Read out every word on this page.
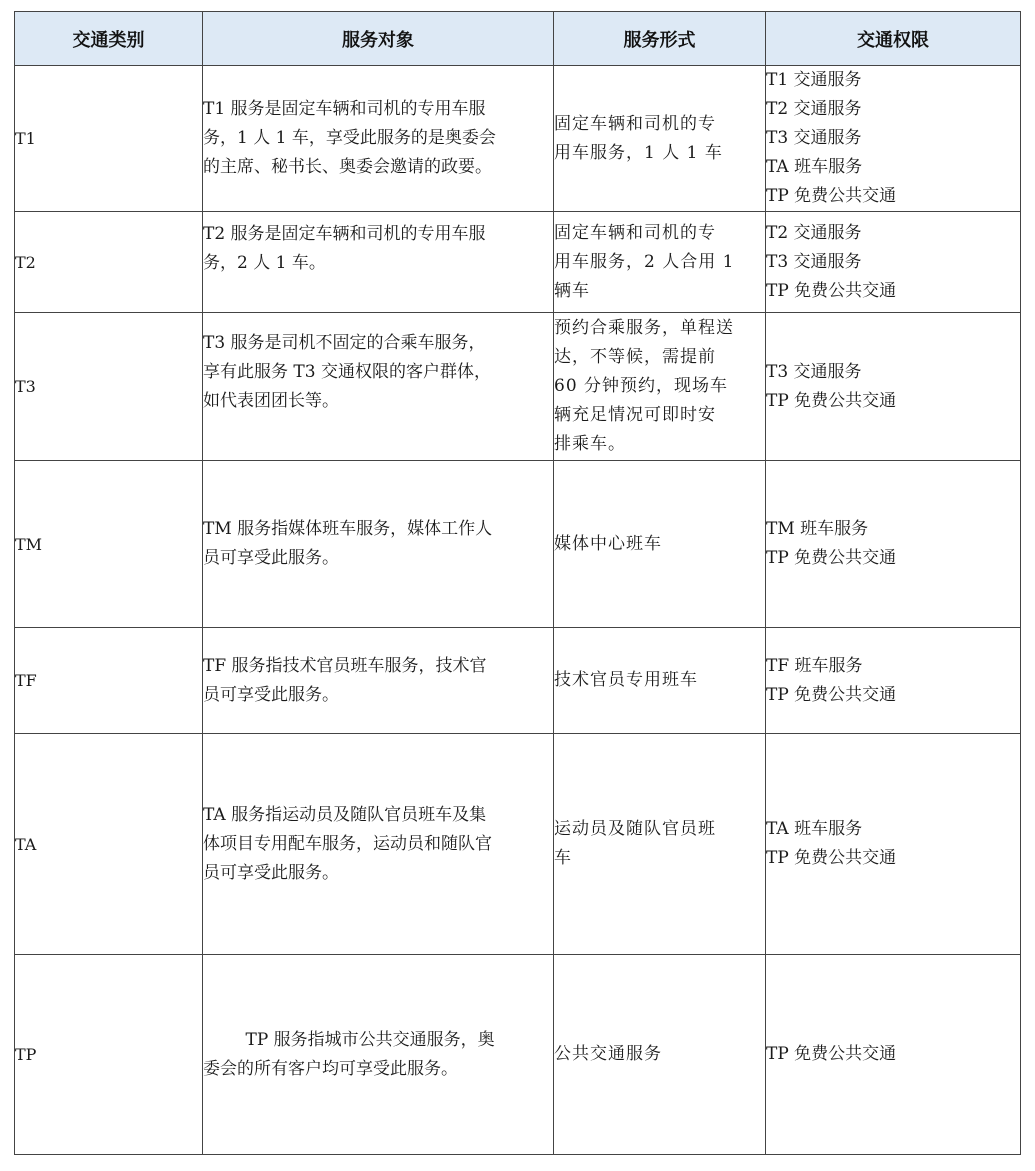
交通类别	服务对象	服务形式	交通权限
T1	T1 服务是固定车辆和司机的专用车服
务，1 人 1 车，享受此服务的是奥委会
的主席、秘书长、奥委会邀请的政要。	固定车辆和司机的专
用车服务，1 人 1 车	T1 交通服务
T2 交通服务
T3 交通服务
TA 班车服务
TP 免费公共交通

T2	T2 服务是固定车辆和司机的专用车服
务，2 人 1 车。	固定车辆和司机的专
用车服务，2 人合用 1
辆车	T2 交通服务
T3 交通服务
TP 免费公共交通

T3	T3 服务是司机不固定的合乘车服务，
享有此服务 T3 交通权限的客户群体，
如代表团团长等。	预约合乘服务，单程送
达，不等候，需提前
60 分钟预约，现场车
辆充足情况可即时安
排乘车。	T3 交通服务
TP 免费公共交通

TM	TM 服务指媒体班车服务，媒体工作人
员可享受此服务。	媒体中心班车	TM 班车服务
TP 免费公共交通

TF	TF 服务指技术官员班车服务，技术官
员可享受此服务。	技术官员专用班车	TF 班车服务
TP 免费公共交通

TA	TA 服务指运动员及随队官员班车及集
体项目专用配车服务，运动员和随队官
员可享受此服务。	运动员及随队官员班
车	TA 班车服务
TP 免费公共交通

TP	TP 服务指城市公共交通服务，奥
委会的所有客户均可享受此服务。	公共交通服务	TP 免费公共交通
